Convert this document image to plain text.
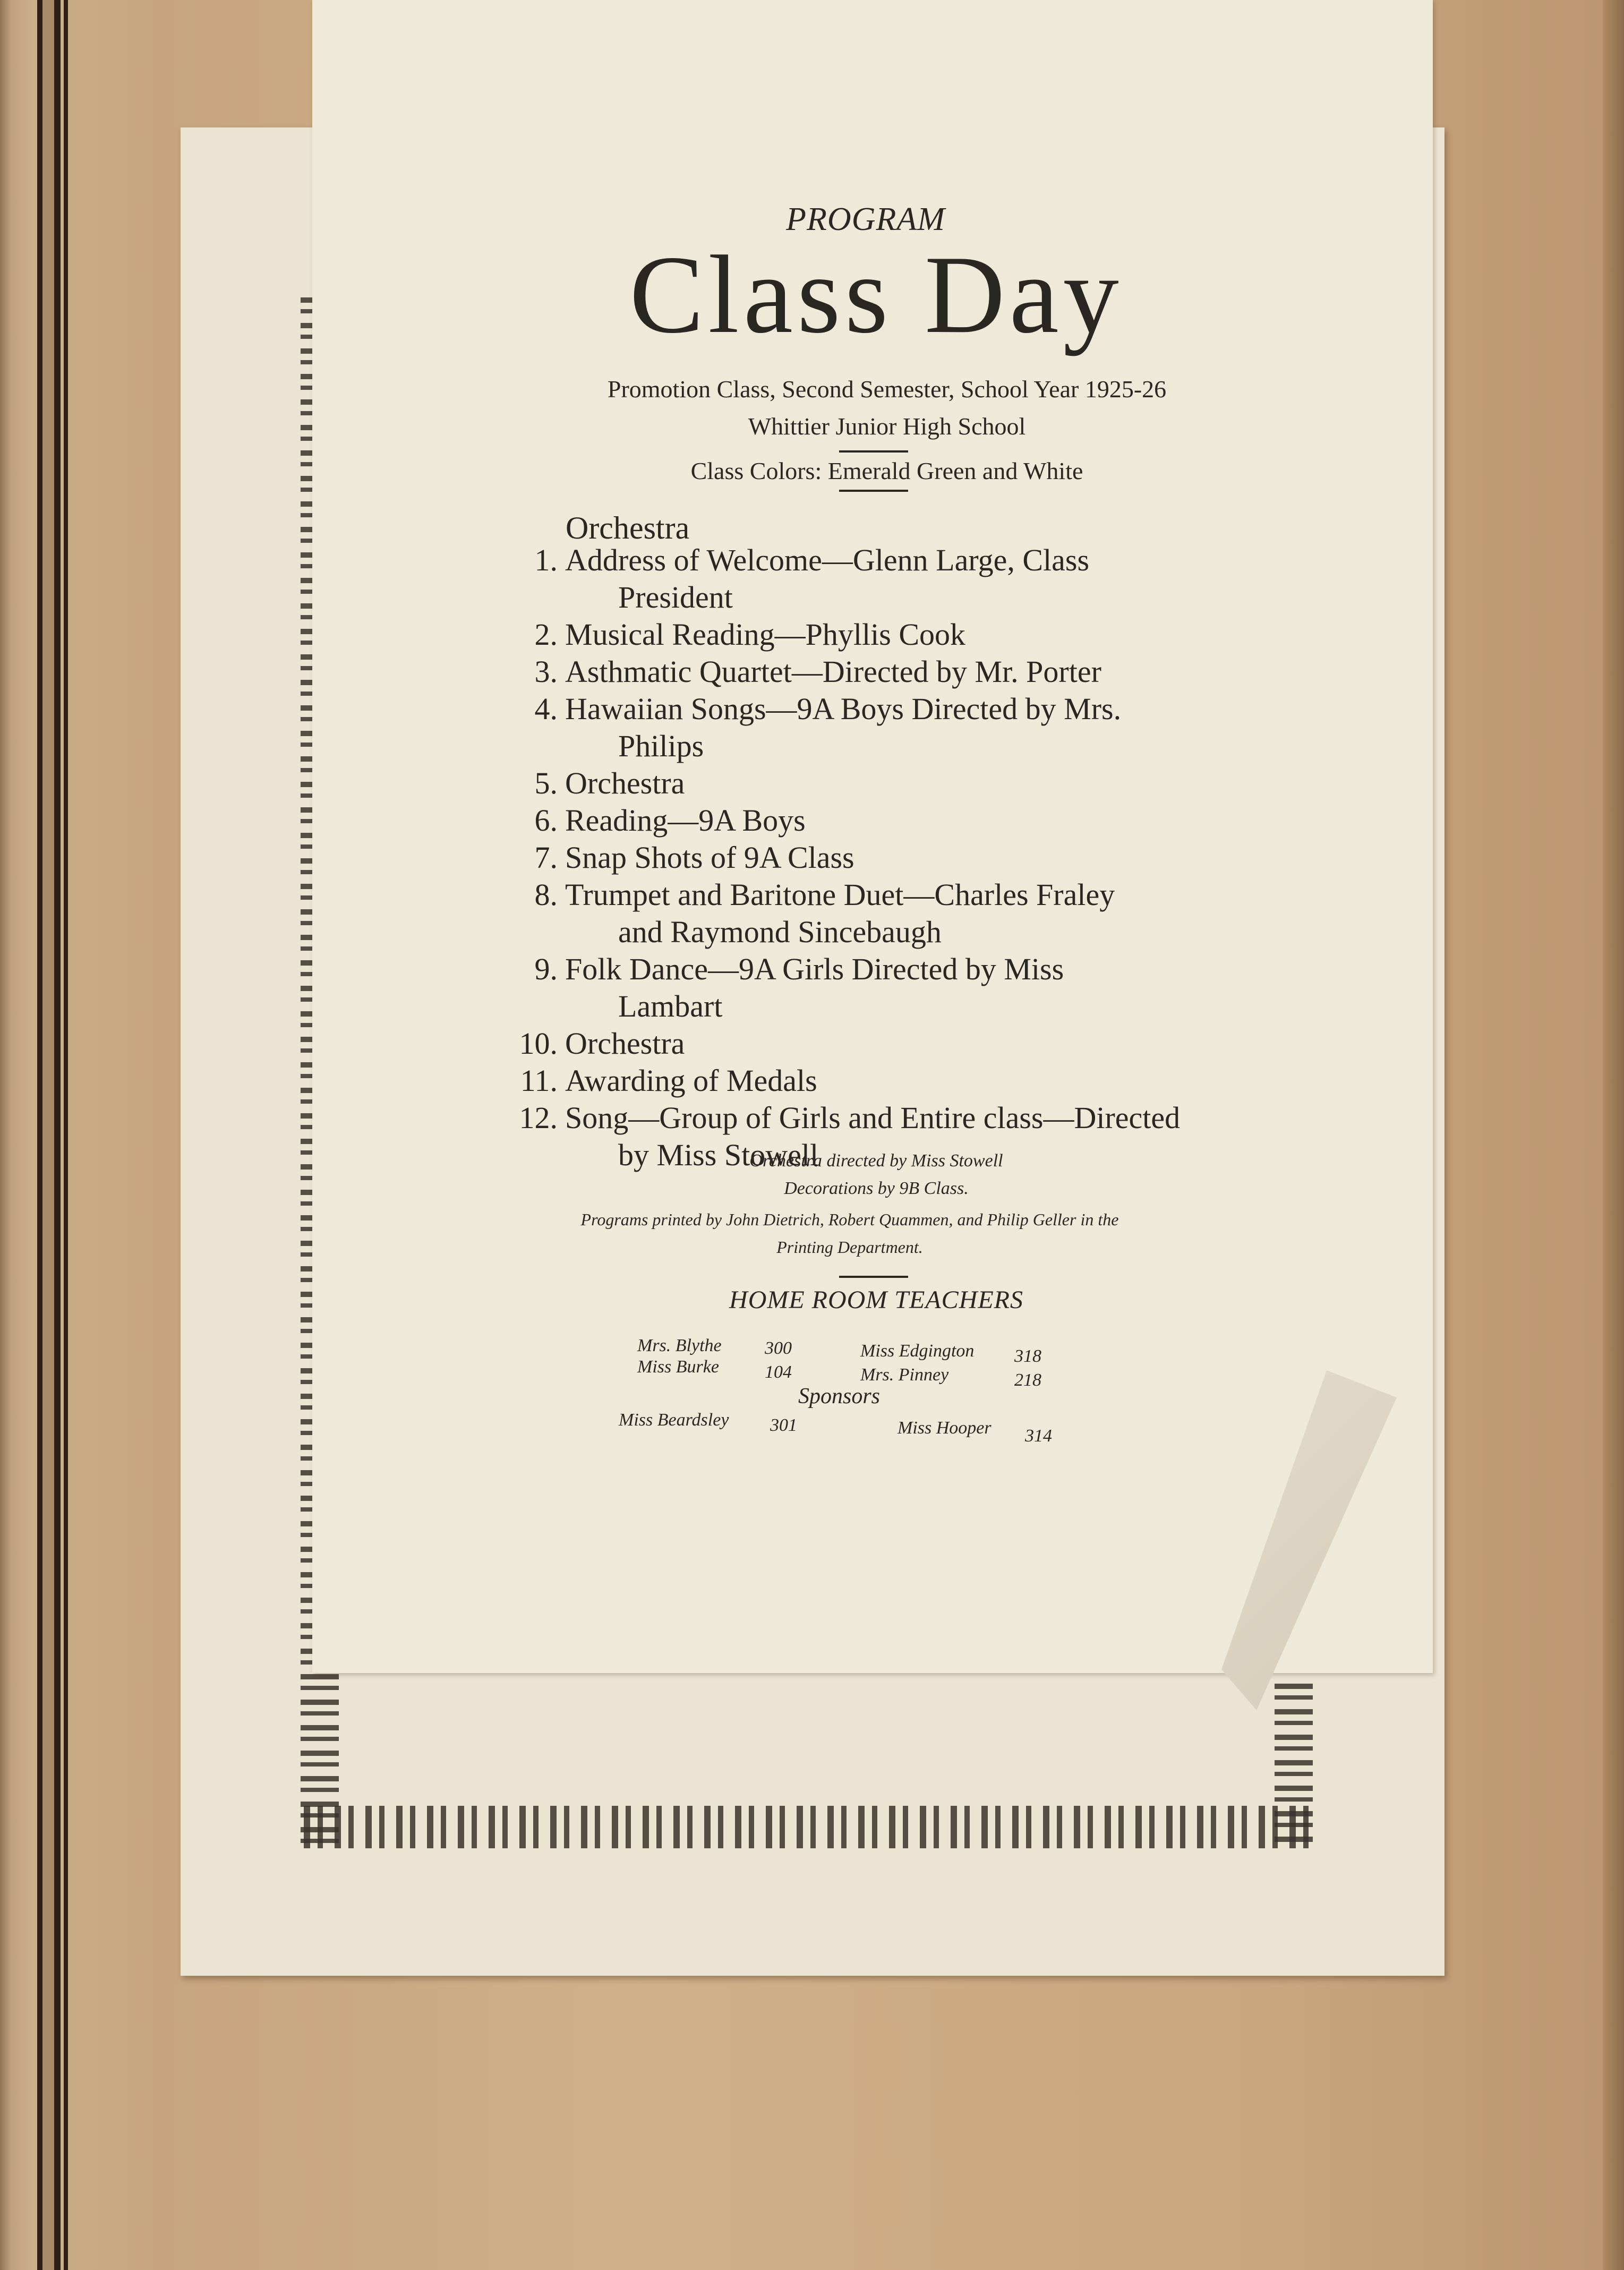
PROGRAM
Class Day
Promotion Class, Second Semester, School Year 1925-26
Whittier Junior High School
Class Colors: Emerald Green and White
Orchestra
1. Address of Welcome—Glenn Large, Class
President
2. Musical Reading—Phyllis Cook
3. Asthmatic Quartet—Directed by Mr. Porter
4. Hawaiian Songs—9A Boys Directed by Mrs.
Philips
5. Orchestra
6. Reading—9A Boys
7. Snap Shots of 9A Class
8. Trumpet and Baritone Duet—Charles Fraley
and Raymond Sincebaugh
9. Folk Dance—9A Girls Directed by Miss
Lambart
10. Orchestra
11. Awarding of Medals
12. Song—Group of Girls and Entire class—Directed
by Miss Stowell
Orchestra directed by Miss Stowell
Decorations by 9B Class.
Programs printed by John Dietrich, Robert Quammen, and Philip Geller in the
Printing Department.
HOME ROOM TEACHERS
Mrs. Blythe 300	Miss Edgington 318
Miss Burke	104	Mrs. Pinney	218
Sponsors
Miss Beardsley 301	Miss Hooper 314
